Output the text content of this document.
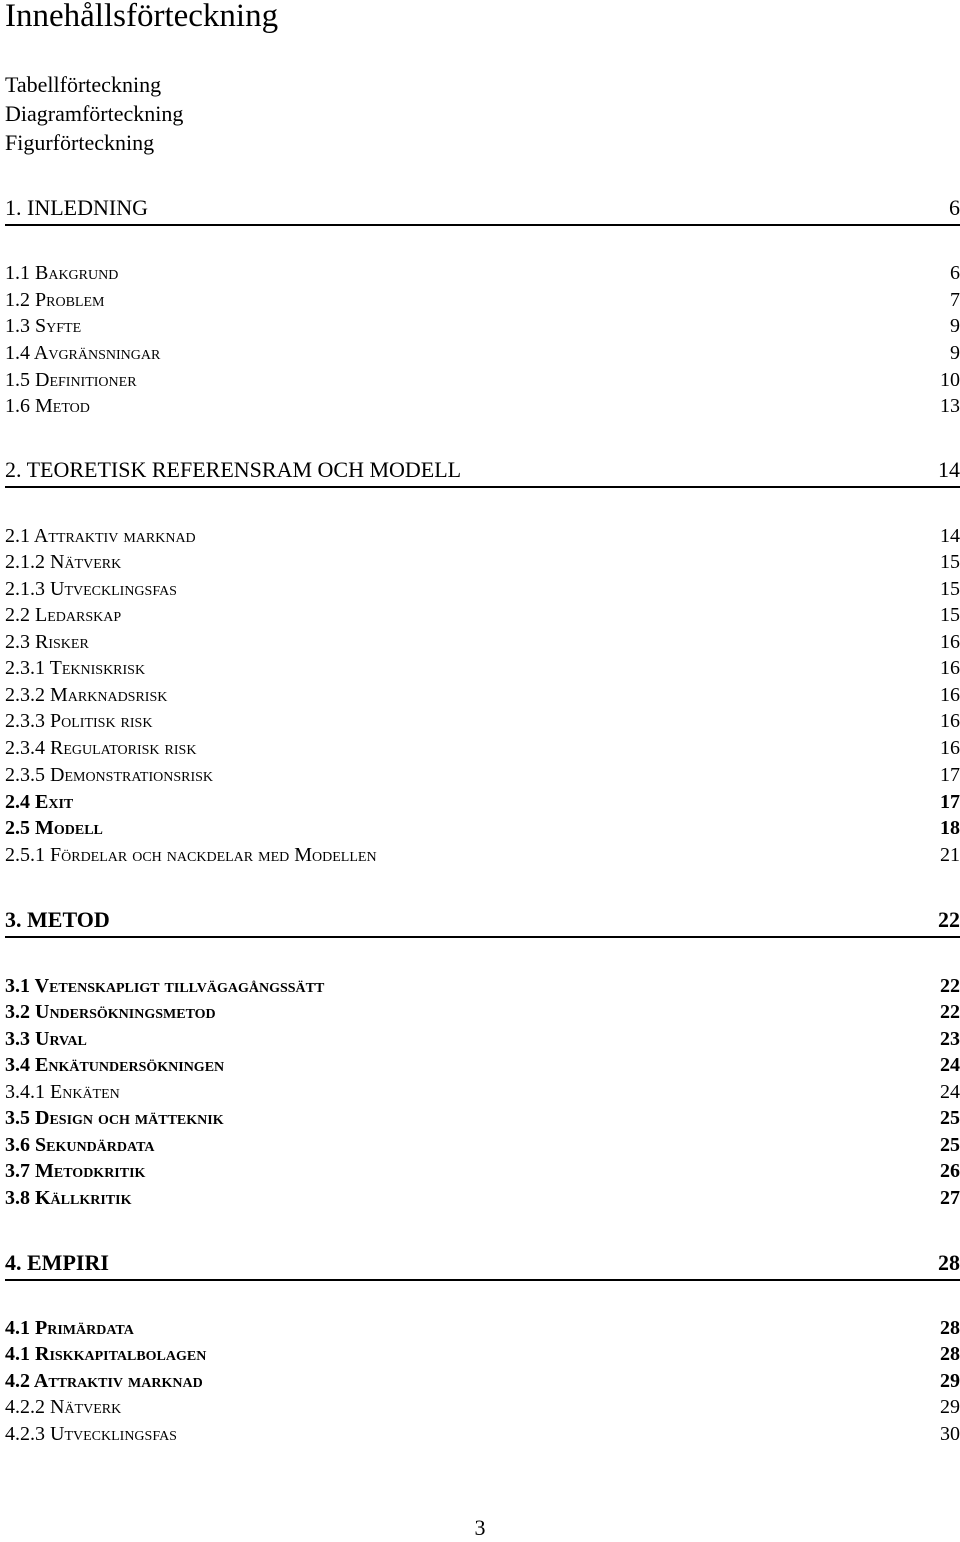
Innehållsförteckning
Tabellförteckning
Diagramförteckning
Figurförteckning
1. INLEDNING	6
1.1 Bakgrund	6
1.2 Problem	7
1.3 Syfte	9
1.4 Avgränsningar	9
1.5 Definitioner	10
1.6 Metod	13
2. TEORETISK REFERENSRAM OCH MODELL	14
2.1 Attraktiv marknad	14
2.1.2 Nätverk	15
2.1.3 Utvecklingsfas	15
2.2 Ledarskap	15
2.3 Risker	16
2.3.1 Tekniskrisk	16
2.3.2 Marknadsrisk	16
2.3.3 Politisk risk	16
2.3.4 Regulatorisk risk	16
2.3.5 Demonstrationsrisk	17
2.4 Exit	17
2.5 Modell	18
2.5.1 Fördelar och nackdelar med Modellen	21
3. METOD	22
3.1 Vetenskapligt tillvägagångssätt	22
3.2 Undersökningsmetod	22
3.3 Urval	23
3.4 Enkätundersökningen	24
3.4.1 Enkäten	24
3.5 Design och mätteknik	25
3.6 Sekundärdata	25
3.7 Metodkritik	26
3.8 Källkritik	27
4. EMPIRI	28
4.1 Primärdata	28
4.1 Riskkapitalbolagen	28
4.2 Attraktiv marknad	29
4.2.2 Nätverk	29
4.2.3 Utvecklingsfas	30
3
